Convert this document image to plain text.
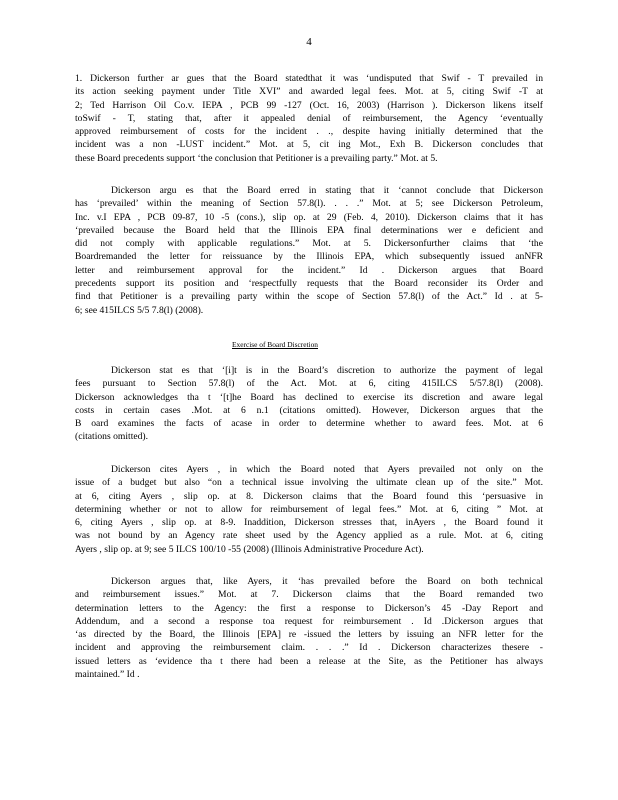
4
1. Dickerson further ar gues that the Board statedthat it was ‘undisputed that Swif - T prevailed in
its action seeking payment under Title XVI” and awarded legal fees. Mot. at 5, citing Swif -T at
2; Ted Harrison Oil Co.v. IEPA , PCB 99 -127 (Oct. 16, 2003) (Harrison ). Dickerson likens itself
toSwif - T, stating that, after it appealed denial of reimbursement, the Agency ‘eventually
approved reimbursement of costs for the incident . ., despite having initially determined that the
incident was a non -LUST incident.” Mot. at 5, cit ing Mot., Exh B. Dickerson concludes that
these Board precedents support ‘the conclusion that Petitioner is a prevailing party.” Mot. at 5.
Dickerson argu es that the Board erred in stating that it ‘cannot conclude that Dickerson
has ‘prevailed’ within the meaning of Section 57.8(l). . . .” Mot. at 5; see Dickerson Petroleum,
Inc. v.I EPA , PCB 09-87, 10 -5 (cons.), slip op. at 29 (Feb. 4, 2010). Dickerson claims that it has
‘prevailed because the Board held that the Illinois EPA final determinations wer e deficient and
did not comply with applicable regulations.” Mot. at 5. Dickersonfurther claims that ‘the
Boardremanded the letter for reissuance by the Illinois EPA, which subsequently issued anNFR
letter and reimbursement approval for the incident.” Id . Dickerson argues that Board
precedents support its position and ‘respectfully requests that the Board reconsider its Order and
find that Petitioner is a prevailing party within the scope of Section 57.8(l) of the Act.” Id . at 5-
6; see 415ILCS 5/5 7.8(l) (2008).
Exercise of Board Discretion
Dickerson stat es that ‘[i]t is in the Board’s discretion to authorize the payment of legal
fees pursuant to Section 57.8(l) of the Act. Mot. at 6, citing 415ILCS 5/57.8(l) (2008).
Dickerson acknowledges tha t ‘[t]he Board has declined to exercise its discretion and aware legal
costs in certain cases .Mot. at 6 n.1 (citations omitted). However, Dickerson argues that the
B oard examines the facts of acase in order to determine whether to award fees. Mot. at 6
(citations omitted).
Dickerson cites Ayers , in which the Board noted that Ayers prevailed not only on the
issue of a budget but also “on a technical issue involving the ultimate clean up of the site.” Mot.
at 6, citing Ayers , slip op. at 8. Dickerson claims that the Board found this ‘persuasive in
determining whether or not to allow for reimbursement of legal fees.” Mot. at 6, citing ” Mot. at
6, citing Ayers , slip op. at 8-9. Inaddition, Dickerson stresses that, inAyers , the Board found it
was not bound by an Agency rate sheet used by the Agency applied as a rule. Mot. at 6, citing
Ayers , slip op. at 9; see 5 ILCS 100/10 -55 (2008) (Illinois Administrative Procedure Act).
Dickerson argues that, like Ayers, it ‘has prevailed before the Board on both technical
and reimbursement issues.” Mot. at 7. Dickerson claims that the Board remanded two
determination letters to the Agency: the first a response to Dickerson’s 45 -Day Report and
Addendum, and a second a response toa request for reimbursement . Id .Dickerson argues that
‘as directed by the Board, the Illinois [EPA] re -issued the letters by issuing an NFR letter for the
incident and approving the reimbursement claim. . . .” Id . Dickerson characterizes thesere -
issued letters as ‘evidence tha t there had been a release at the Site, as the Petitioner has always
maintained.” Id .
